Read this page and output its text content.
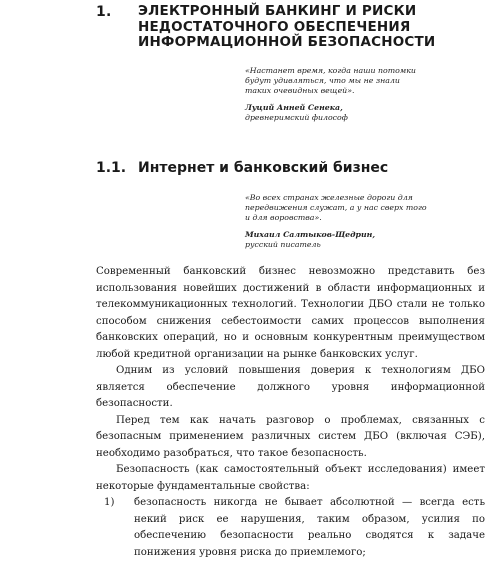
1.	ЭЛЕКТРОННЫЙ БАНКИНГ И РИСКИ
НЕДОСТАТОЧНОГО ОБЕСПЕЧЕНИЯ
ИНФОРМАЦИОННОЙ БЕЗОПАСНОСТИ
«Настанет время, когда наши потомки
будут удивляться, что мы не знали
таких очевидных вещей».
Луций Анней Сенека,
древнеримский философ
1.1. Интернет и банковский бизнес
«Во всех странах железные дороги для
передвижения служат, а у нас сверх того
и для воровства».
Михаил Салтыков-Щедрин,
русский писатель

Современный банковский бизнес невозможно представить без использования новейших достижений в области информационных и телекоммуникационных технологий. Технологии ДБО стали не только способом снижения себестоимости самих процессов выполнения банковских операций, но и основным конкурентным преимуществом любой кредитной организации на рынке банковских услуг.

Одним из условий повышения доверия к технологиям ДБО является обеспечение должного уровня информационной безопасности.

Перед тем как начать разговор о проблемах, связанных с безопасным применением различных систем ДБО (включая СЭБ), необходимо разобраться, что такое безопасность.

Безопасность (как самостоятельный объект исследования) имеет некоторые фундаментальные свойства:

1)	безопасность никогда не бывает абсолютной — всегда есть некий риск ее нарушения, таким образом, усилия по обеспечению безопасности реально сводятся к задаче понижения уровня риска до приемлемого;
